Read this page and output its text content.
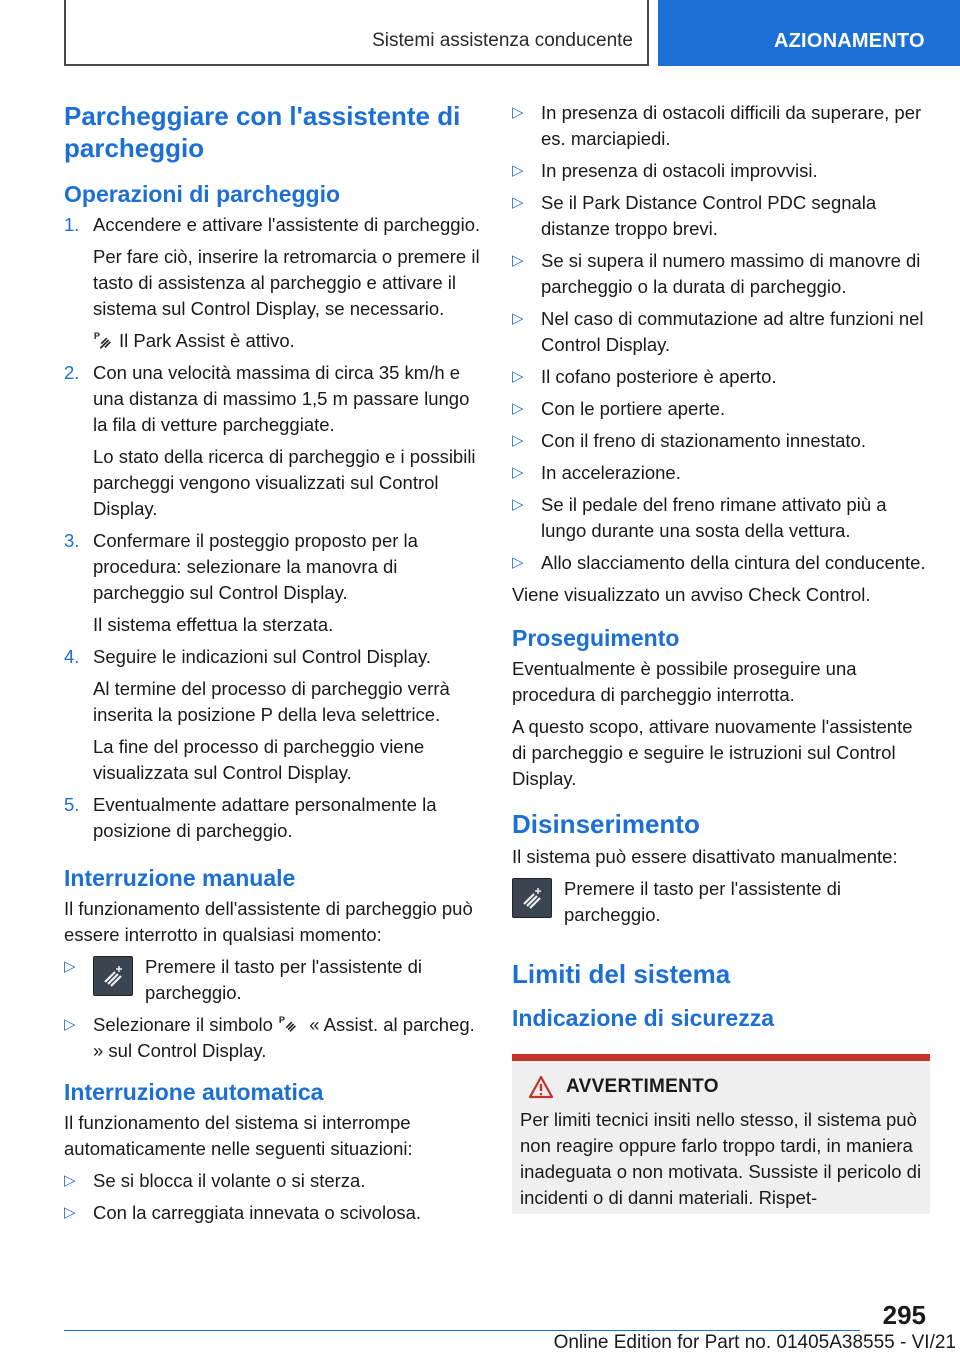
Sistemi assistenza conducente	AZIONAMENTO
Parcheggiare con l'assistente di parcheggio
Operazioni di parcheggio
1. Accendere e attivare l'assistente di parcheggio.

Per fare ciò, inserire la retromarcia o premere il tasto di assistenza al parcheggio e attivare il sistema sul Control Display, se necessario.

P Il Park Assist è attivo.

2. Con una velocità massima di circa 35 km/h e una distanza di massimo 1,5 m passare lungo la fila di vetture parcheggiate.

Lo stato della ricerca di parcheggio e i possibili parcheggi vengono visualizzati sul Control Display.

3. Confermare il posteggio proposto per la procedura: selezionare la manovra di parcheggio sul Control Display.

Il sistema effettua la sterzata.

4. Seguire le indicazioni sul Control Display.

Al termine del processo di parcheggio verrà inserita la posizione P della leva selettrice.

La fine del processo di parcheggio viene visualizzata sul Control Display.

5. Eventualmente adattare personalmente la posizione di parcheggio.

Interruzione manuale

Il funzionamento dell'assistente di parcheggio può essere interrotto in qualsiasi momento:

▷	Premere il tasto per l'assistente di parcheggio.
▷ Selezionare il simbolo P « Assist. al parcheg. » sul Control Display.
Interruzione automatica

Il funzionamento del sistema si interrompe automaticamente nelle seguenti situazioni:

▷ Se si blocca il volante o si sterza.
▷ Con la carreggiata innevata o scivolosa.
▷ In presenza di ostacoli difficili da superare, per es. marciapiedi.
▷ In presenza di ostacoli improvvisi.
▷ Se il Park Distance Control PDC segnala distanze troppo brevi.
▷ Se si supera il numero massimo di manovre di parcheggio o la durata di parcheggio.
▷ Nel caso di commutazione ad altre funzioni nel Control Display.
▷ Il cofano posteriore è aperto.
▷ Con le portiere aperte.
▷ Con il freno di stazionamento innestato.
▷ In accelerazione.
▷ Se il pedale del freno rimane attivato più a lungo durante una sosta della vettura.
▷ Allo slacciamento della cintura del conducente.

Viene visualizzato un avviso Check Control.

Proseguimento

Eventualmente è possibile proseguire una procedura di parcheggio interrotta.

A questo scopo, attivare nuovamente l'assistente di parcheggio e seguire le istruzioni sul Control Display.

Disinserimento

Il sistema può essere disattivato manualmente:

Premere il tasto per l'assistente di parcheggio.

Limiti del sistema
Indicazione di sicurezza
AVVERTIMENTO

Per limiti tecnici insiti nello stesso, il sistema può non reagire oppure farlo troppo tardi, in maniera inadeguata o non motivata. Sussiste il pericolo di incidenti o di danni materiali. Rispet-

295
Online Edition for Part no. 01405A38555 - VI/21
